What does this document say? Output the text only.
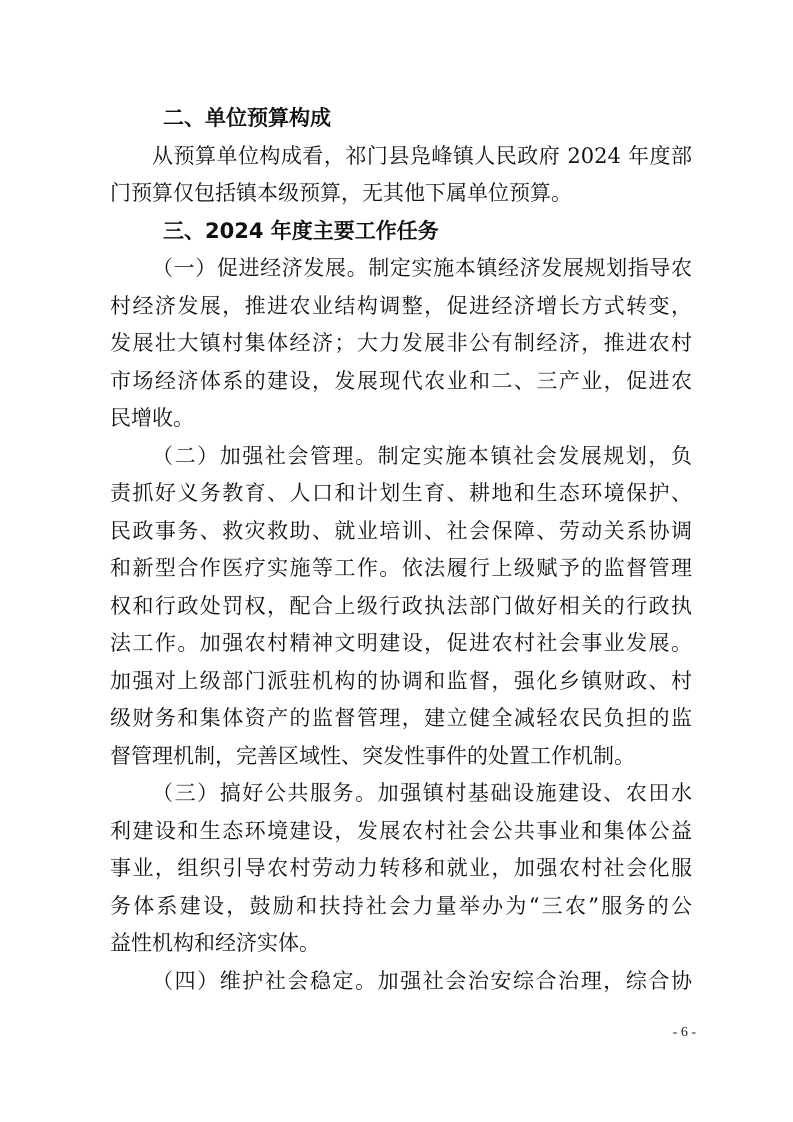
二、单位预算构成
从预算单位构成看，祁门县凫峰镇人民政府 2024 年度部
门预算仅包括镇本级预算，无其他下属单位预算。
三、2024 年度主要工作任务
（一）促进经济发展。制定实施本镇经济发展规划指导农
村经济发展，推进农业结构调整，促进经济增长方式转变，
发展壮大镇村集体经济；大力发展非公有制经济，推进农村
市场经济体系的建设，发展现代农业和二、三产业，促进农
民增收。
（二）加强社会管理。制定实施本镇社会发展规划，负
责抓好义务教育、人口和计划生育、耕地和生态环境保护、
民政事务、救灾救助、就业培训、社会保障、劳动关系协调
和新型合作医疗实施等工作。依法履行上级赋予的监督管理
权和行政处罚权，配合上级行政执法部门做好相关的行政执
法工作。加强农村精神文明建设，促进农村社会事业发展。
加强对上级部门派驻机构的协调和监督，强化乡镇财政、村
级财务和集体资产的监督管理，建立健全减轻农民负担的监
督管理机制，完善区域性、突发性事件的处置工作机制。
（三）搞好公共服务。加强镇村基础设施建设、农田水
利建设和生态环境建设，发展农村社会公共事业和集体公益
事业，组织引导农村劳动力转移和就业，加强农村社会化服
务体系建设，鼓励和扶持社会力量举办为“三农”服务的公
益性机构和经济实体。
（四）维护社会稳定。加强社会治安综合治理，综合协
- 6 -
